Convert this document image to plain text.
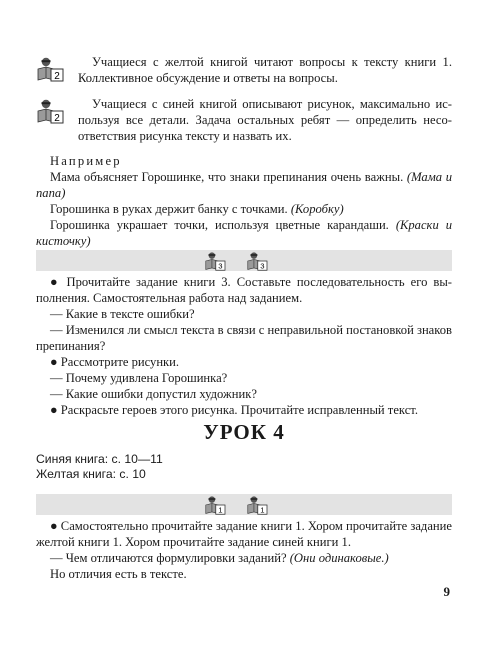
2

Учащиеся с желтой книгой читают вопросы к тексту книги 1. Коллективное обсуждение и ответы на вопросы.

2

Учащиеся с синей книгой описывают рисунок, максимально используя все детали. Задача остальных ребят — определить несоответствия рисунка тексту и назвать их.

Например

Мама объясняет Горошинке, что знаки препинания очень важны. (Мама и папа)

Горошинка в руках держит банку с точками. (Коробку)

Горошинка украшает точки, используя цветные карандаши. (Краски и кисточку)

3	3

● Прочитайте задание книги 3. Составьте последовательность его выполнения. Самостоятельная работа над заданием.

— Какие в тексте ошибки?

— Изменился ли смысл текста в связи с неправильной постановкой знаков препинания?

● Рассмотрите рисунки.

— Почему удивлена Горошинка?

— Какие ошибки допустил художник?

● Раскрасьте героев этого рисунка. Прочитайте исправленный текст.

УРОК 4

Синяя книга: с. 10—11

Желтая книга: с. 10

1	1

● Самостоятельно прочитайте задание книги 1. Хором прочитайте задание желтой книги 1. Хором прочитайте задание синей книги 1.

— Чем отличаются формулировки заданий? (Они одинаковые.)

Но отличия есть в тексте.

9
